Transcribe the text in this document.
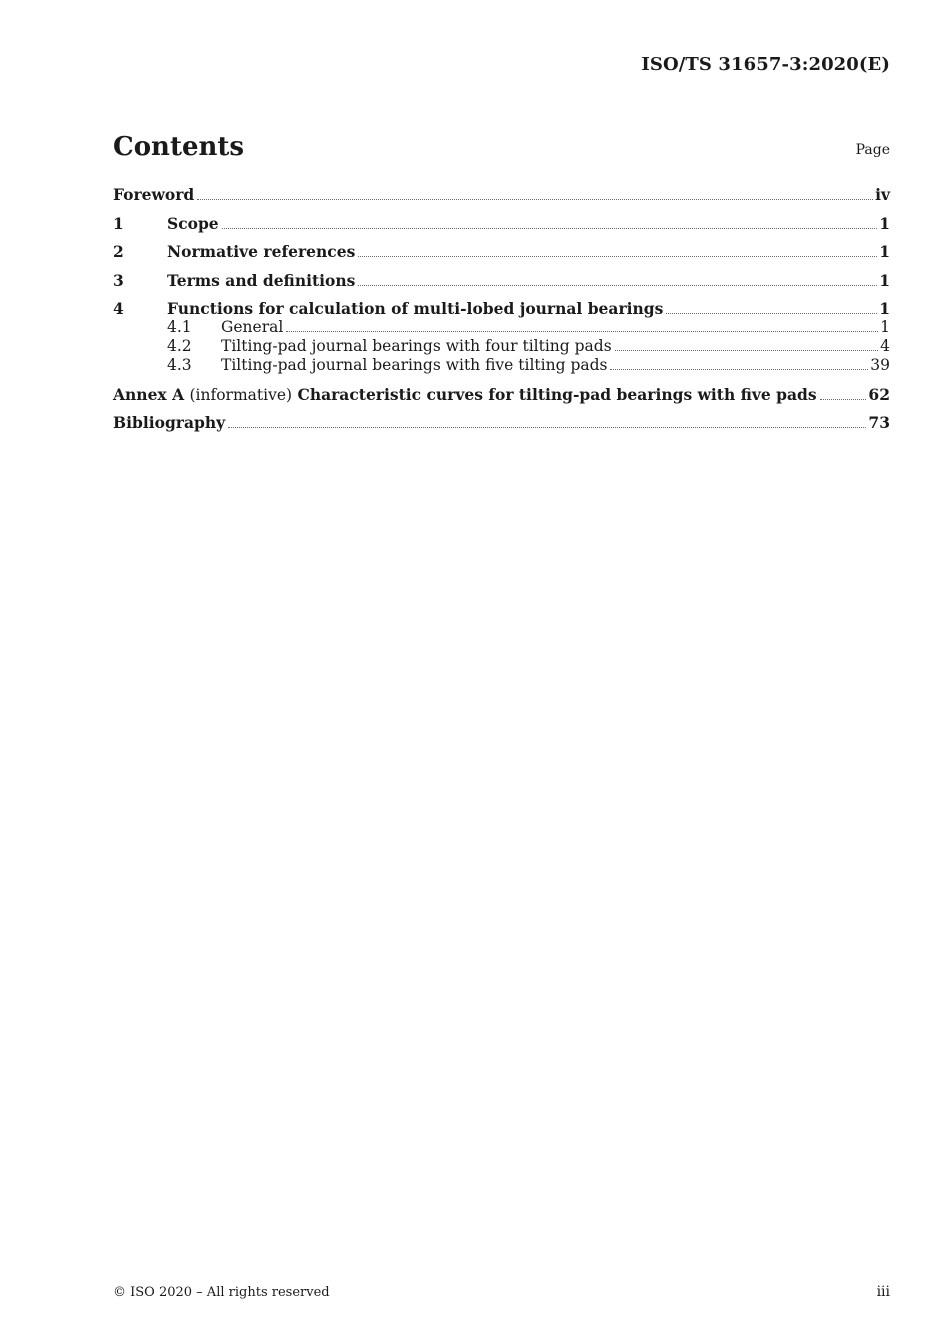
ISO/TS 31657-3:2020(E)
Contents	Page
Foreword	iv
1	Scope	1
2	Normative references	1
3	Terms and definitions	1
4	Functions for calculation of multi-lobed journal bearings	1
4.1	General	1
4.2	Tilting-pad journal bearings with four tilting pads	4
4.3	Tilting-pad journal bearings with five tilting pads	39
Annex A (informative) Characteristic curves for tilting-pad bearings with five pads	62
Bibliography	73
© ISO 2020 – All rights reserved	iii
